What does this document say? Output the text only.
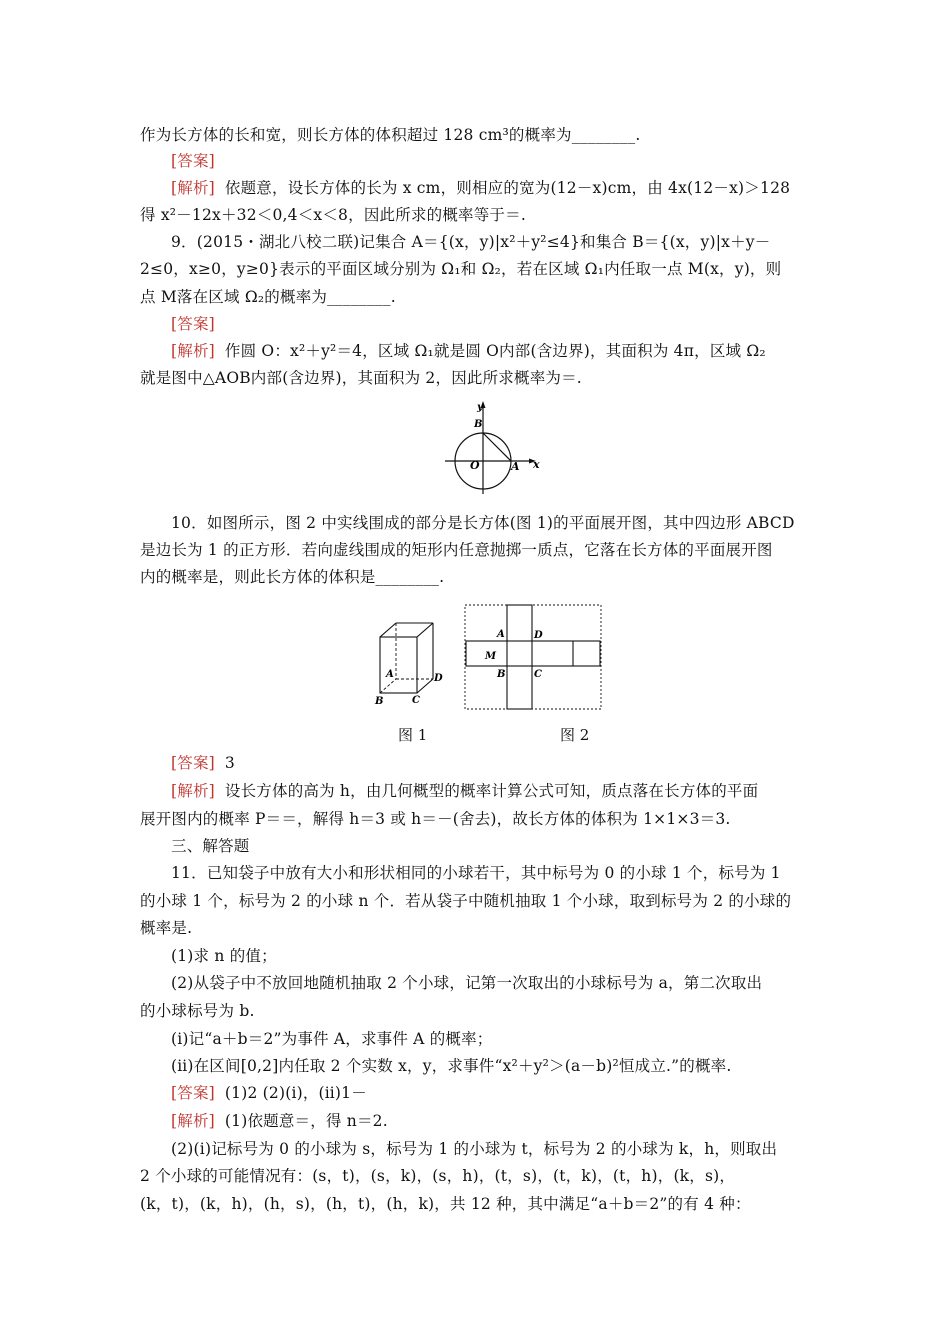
作为长方体的长和宽，则长方体的体积超过 128 cm³的概率为________.
[答案]
[解析] 依题意，设长方体的长为 x cm，则相应的宽为(12－x)cm，由 4x(12－x)＞128
得 x²－12x＋32＜0,4＜x＜8，因此所求的概率等于＝.
9．(2015・湖北八校二联)记集合 A＝{(x，y)|x²＋y²≤4}和集合 B＝{(x，y)|x＋y－
2≤0，x≥0，y≥0}表示的平面区域分别为 Ω₁和 Ω₂，若在区域 Ω₁内任取一点 M(x，y)，则
点 M落在区域 Ω₂的概率为________.
[答案]
[解析] 作圆 O：x²＋y²＝4，区域 Ω₁就是圆 O内部(含边界)，其面积为 4π，区域 Ω₂
就是图中△AOB内部(含边界)，其面积为 2，因此所求概率为＝.
y
x
B
O	A
10．如图所示，图 2 中实线围成的部分是长方体(图 1)的平面展开图，其中四边形 ABCD
是边长为 1 的正方形．若向虚线围成的矩形内任意抛掷一质点，它落在长方体的平面展开图
内的概率是，则此长方体的体积是________.
A
B	C
D
A	D
M
B	C
图 1	图 2
[答案] 3
[解析] 设长方体的高为 h，由几何概型的概率计算公式可知，质点落在长方体的平面
展开图内的概率 P＝＝，解得 h＝3 或 h＝－(舍去)，故长方体的体积为 1×1×3＝3.
三、解答题
11．已知袋子中放有大小和形状相同的小球若干，其中标号为 0 的小球 1 个，标号为 1
的小球 1 个，标号为 2 的小球 n 个．若从袋子中随机抽取 1 个小球，取到标号为 2 的小球的
概率是.
(1)求 n 的值；
(2)从袋子中不放回地随机抽取 2 个小球，记第一次取出的小球标号为 a，第二次取出
的小球标号为 b.
(ⅰ)记“a＋b＝2”为事件 A，求事件 A 的概率；
(ⅱ)在区间[0,2]内任取 2 个实数 x，y，求事件“x²＋y²＞(a－b)²恒成立.”的概率.
[答案] (1)2 (2)(ⅰ)，(ⅱ)1－
[解析] (1)依题意＝，得 n＝2.
(2)(ⅰ)记标号为 0 的小球为 s，标号为 1 的小球为 t，标号为 2 的小球为 k，h，则取出
2 个小球的可能情况有：(s，t)，(s，k)，(s，h)，(t，s)，(t，k)，(t，h)，(k，s)，
(k，t)，(k，h)，(h，s)，(h，t)，(h，k)，共 12 种，其中满足“a＋b＝2”的有 4 种：
